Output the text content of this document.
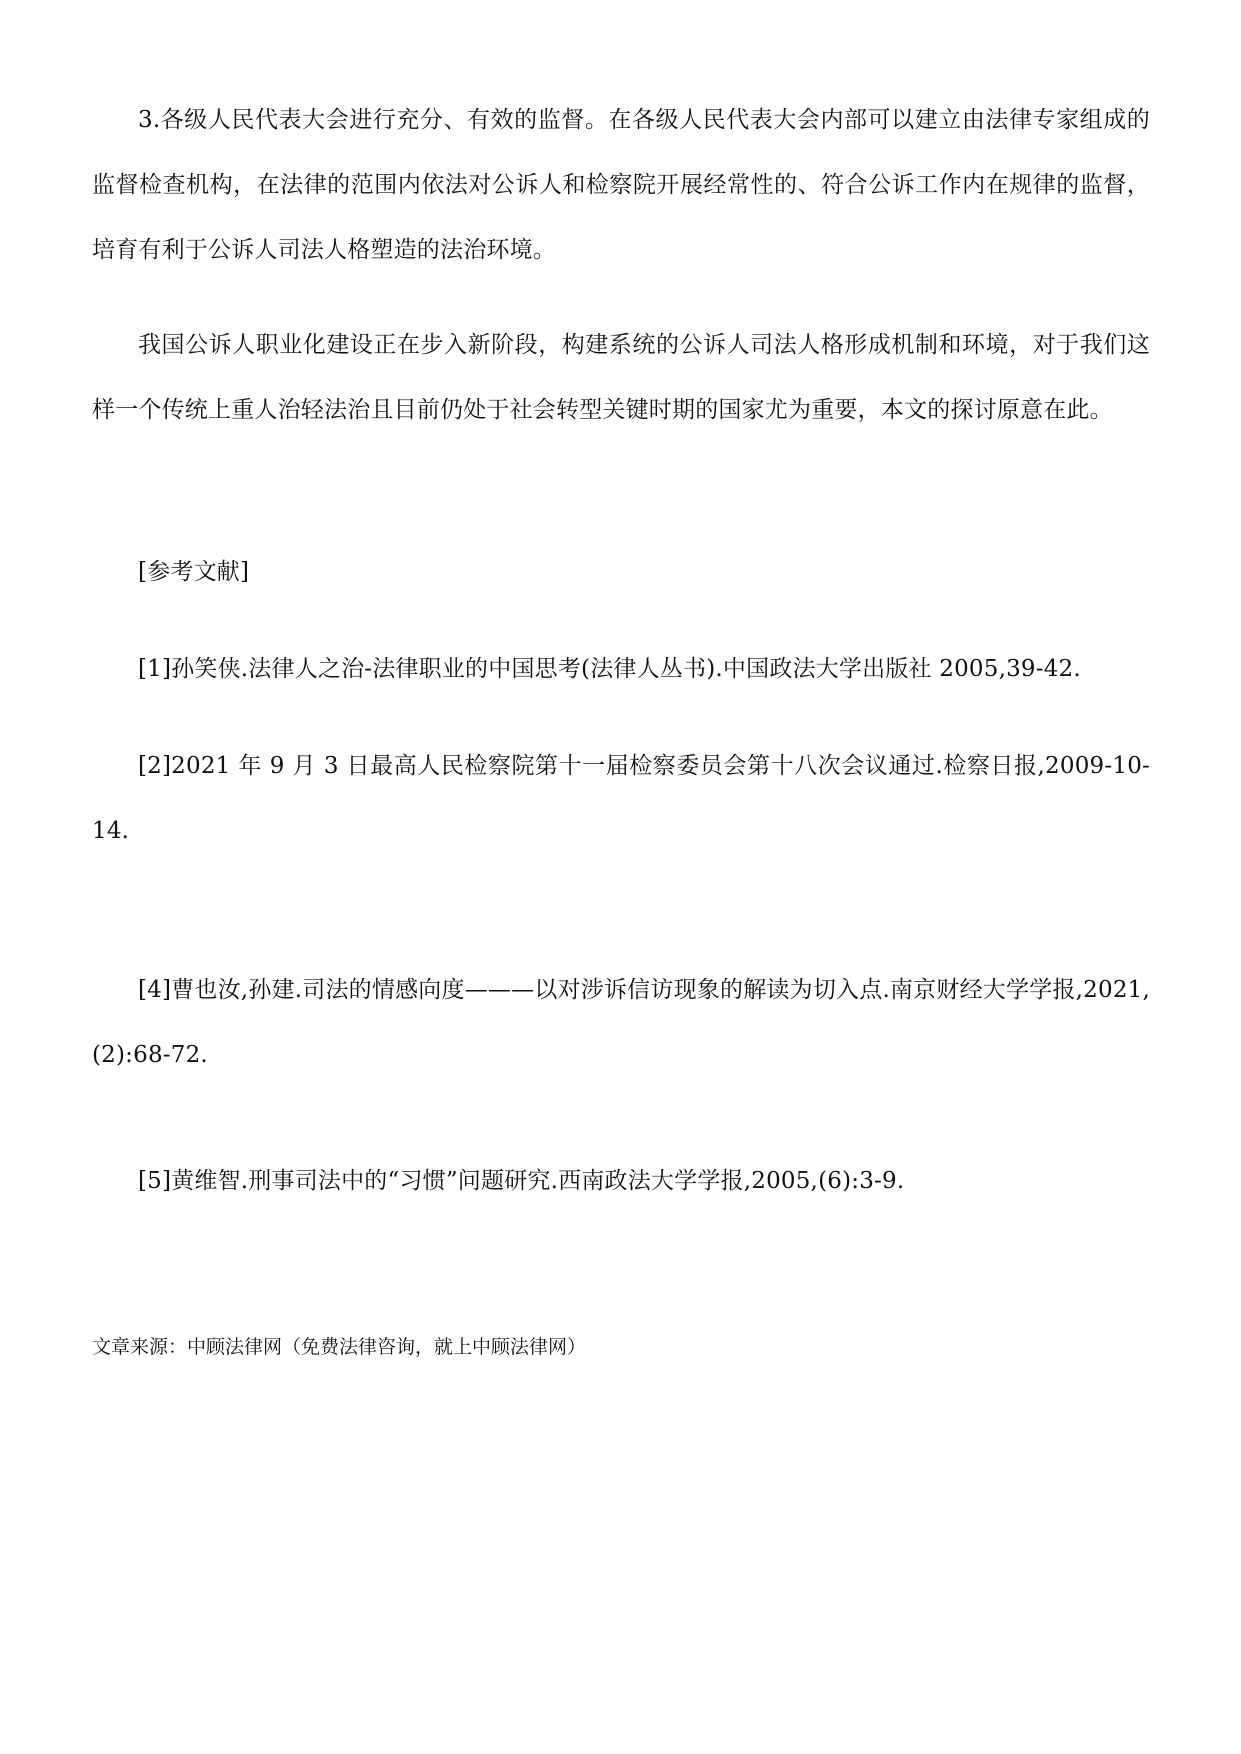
3.各级人民代表大会进行充分、有效的监督。在各级人民代表大会内部可以建立由法律专家组成的监督检查机构，在法律的范围内依法对公诉人和检察院开展经常性的、符合公诉工作内在规律的监督，培育有利于公诉人司法人格塑造的法治环境。

我国公诉人职业化建设正在步入新阶段，构建系统的公诉人司法人格形成机制和环境，对于我们这样一个传统上重人治轻法治且目前仍处于社会转型关键时期的国家尤为重要，本文的探讨原意在此。

[参考文献]

[1]孙笑侠.法律人之治-法律职业的中国思考(法律人丛书).中国政法大学出版社 2005,39-42.

[2]2021 年 9 月 3 日最高人民检察院第十一届检察委员会第十八次会议通过.检察日报,2009-10-14.

[4]曹也汝,孙建.司法的情感向度———以对涉诉信访现象的解读为切入点.南京财经大学学报,2021,(2):68-72.

[5]黄维智.刑事司法中的“习惯”问题研究.西南政法大学学报,2005,(6):3-9.

文章来源：中顾法律网（免费法律咨询，就上中顾法律网）
